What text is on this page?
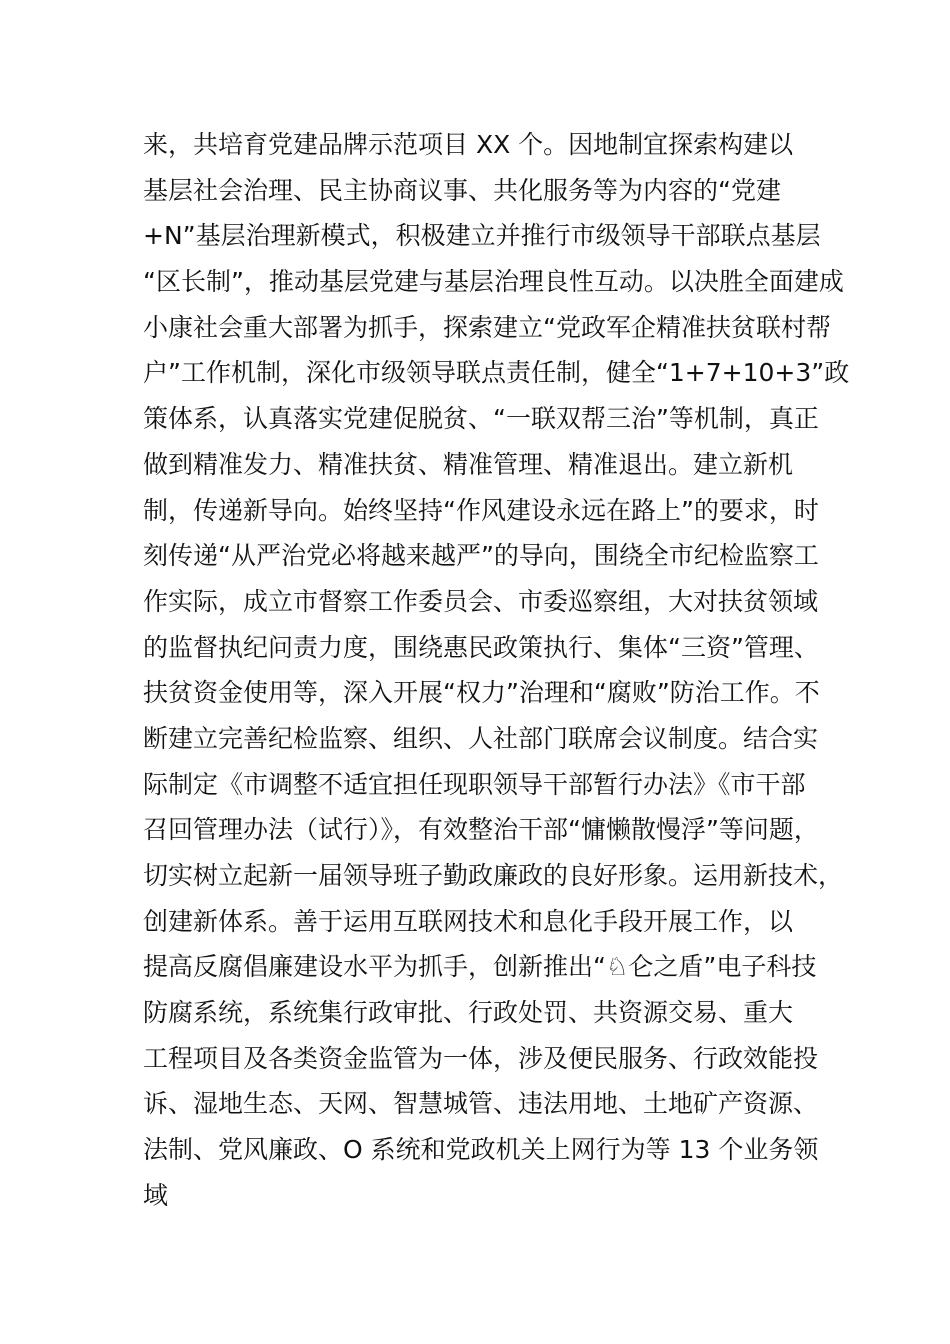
来，共培育党建品牌示范项目 XX 个。因地制宜探索构建以
基层社会治理、民主协商议事、共化服务等为内容的“党建
+N”基层治理新模式，积极建立并推行市级领导干部联点基层
“区长制”，推动基层党建与基层治理良性互动。以决胜全面建成
小康社会重大部署为抓手，探索建立“党政军企精准扶贫联村帮
户”工作机制，深化市级领导联点责任制，健全“1+7+10+3”政
策体系，认真落实党建促脱贫、“一联双帮三治”等机制，真正
做到精准发力、精准扶贫、精准管理、精准退出。建立新机
制，传递新导向。始终坚持“作风建设永远在路上”的要求，时
刻传递“从严治党必将越来越严”的导向，围绕全市纪检监察工
作实际，成立市督察工作委员会、市委巡察组，大对扶贫领域
的监督执纪问责力度，围绕惠民政策执行、集体“三资”管理、
扶贫资金使用等，深入开展“权力”治理和“腐败”防治工作。不
断建立完善纪检监察、组织、人社部门联席会议制度。结合实
际制定《市调整不适宜担任现职领导干部暂行办法》《市干部
召回管理办法（试行）》，有效整治干部“慵懒散慢浮”等问题，
切实树立起新一届领导班子勤政廉政的良好形象。运用新技术，
创建新体系。善于运用互联网技术和息化手段开展工作，以
提高反腐倡廉建设水平为抓手，创新推出“♘仑之盾”电子科技
防腐系统，系统集行政审批、行政处罚、共资源交易、重大
工程项目及各类资金监管为一体，涉及便民服务、行政效能投
诉、湿地生态、天网、智慧城管、违法用地、土地矿产资源、
法制、党风廉政、O 系统和党政机关上网行为等 13 个业务领
域
